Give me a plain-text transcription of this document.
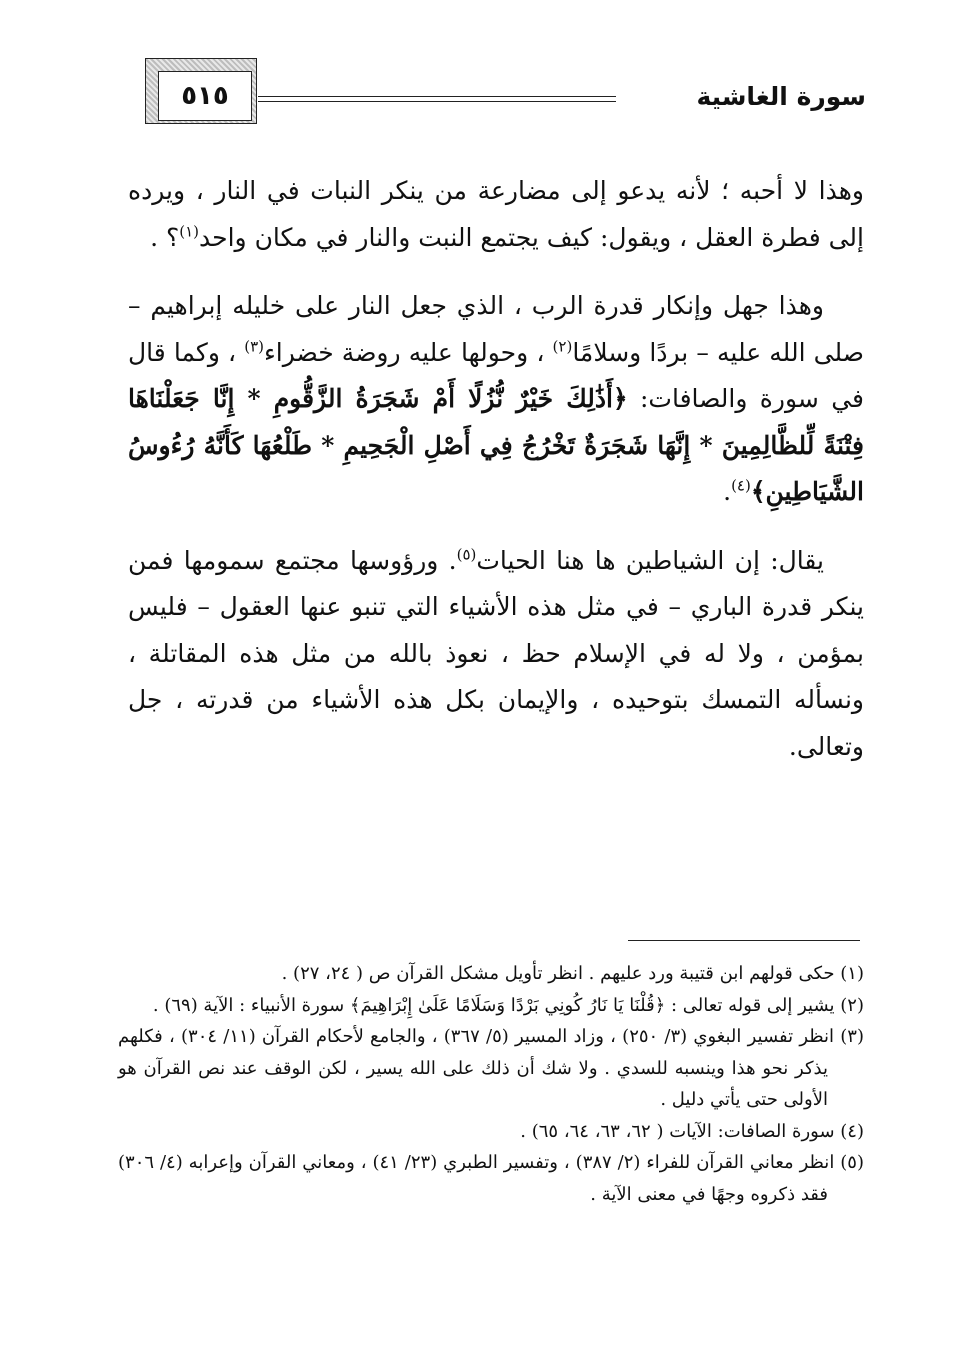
٥١٥	سورة الغاشية

وهذا لا أحبه ؛ لأنه يدعو إلى مضارعة من ينكر النبات في النار ، ويرده إلى فطرة العقل ، ويقول: كيف يجتمع النبت والنار في مكان واحد$^{(١)}$؟ .

وهذا جهل وإنكار قدرة الرب ، الذي جعل النار على خليله إبراهيم – صلى الله عليه – بردًا وسلامًا$^{(٢)}$ ، وحولها عليه روضة خضراء$^{(٣)}$ ، وكما قال في سورة والصافات: ﴿أَذَٰلِكَ خَيْرٌ نُّزُلًا أَمْ شَجَرَةُ الزَّقُّومِ * إِنَّا جَعَلْنَاهَا فِتْنَةً لِّلظَّالِمِينَ * إِنَّهَا شَجَرَةٌ تَخْرُجُ فِي أَصْلِ الْجَحِيمِ * طَلْعُهَا كَأَنَّهُ رُءُوسُ الشَّيَاطِينِ﴾$^{(٤)}$.

يقال: إن الشياطين ها هنا الحيات$^{(٥)}$. ورؤوسها مجتمع سمومها فمن ينكر قدرة الباري – في مثل هذه الأشياء التي تنبو عنها العقول – فليس بمؤمن ، ولا له في الإسلام حظ ، نعوذ بالله من مثل هذه المقاتلة ، ونسأله التمسك بتوحيده ، والإيمان بكل هذه الأشياء من قدرته ، جل وتعالى.

(١) حكى قولهم ابن قتيبة ورد عليهم . انظر تأويل مشكل القرآن ص ( ٢٤، ٢٧) .

(٢) يشير إلى قوله تعالى : ﴿قُلْنَا يَا نَارُ كُونِي بَرْدًا وَسَلَامًا عَلَىٰ إِبْرَاهِيمَ﴾ سورة الأنبياء : الآية (٦٩) .

(٣) انظر تفسير البغوي (٣/ ٢٥٠) ، وزاد المسير (٥/ ٣٦٧) ، والجامع لأحكام القرآن (١١/ ٣٠٤) ، فكلهم يذكر نحو هذا وينسبه للسدي . ولا شك أن ذلك على الله يسير ، لكن الوقف عند نص القرآن هو الأولى حتى يأتي دليل .

(٤) سورة الصافات: الآيات ( ٦٢، ٦٣، ٦٤، ٦٥) .

(٥) انظر معاني القرآن للفراء (٢/ ٣٨٧) ، وتفسير الطبري (٢٣/ ٤١) ، ومعاني القرآن وإعرابه (٤/ ٣٠٦) فقد ذكروه وجهًا في معنى الآية .
